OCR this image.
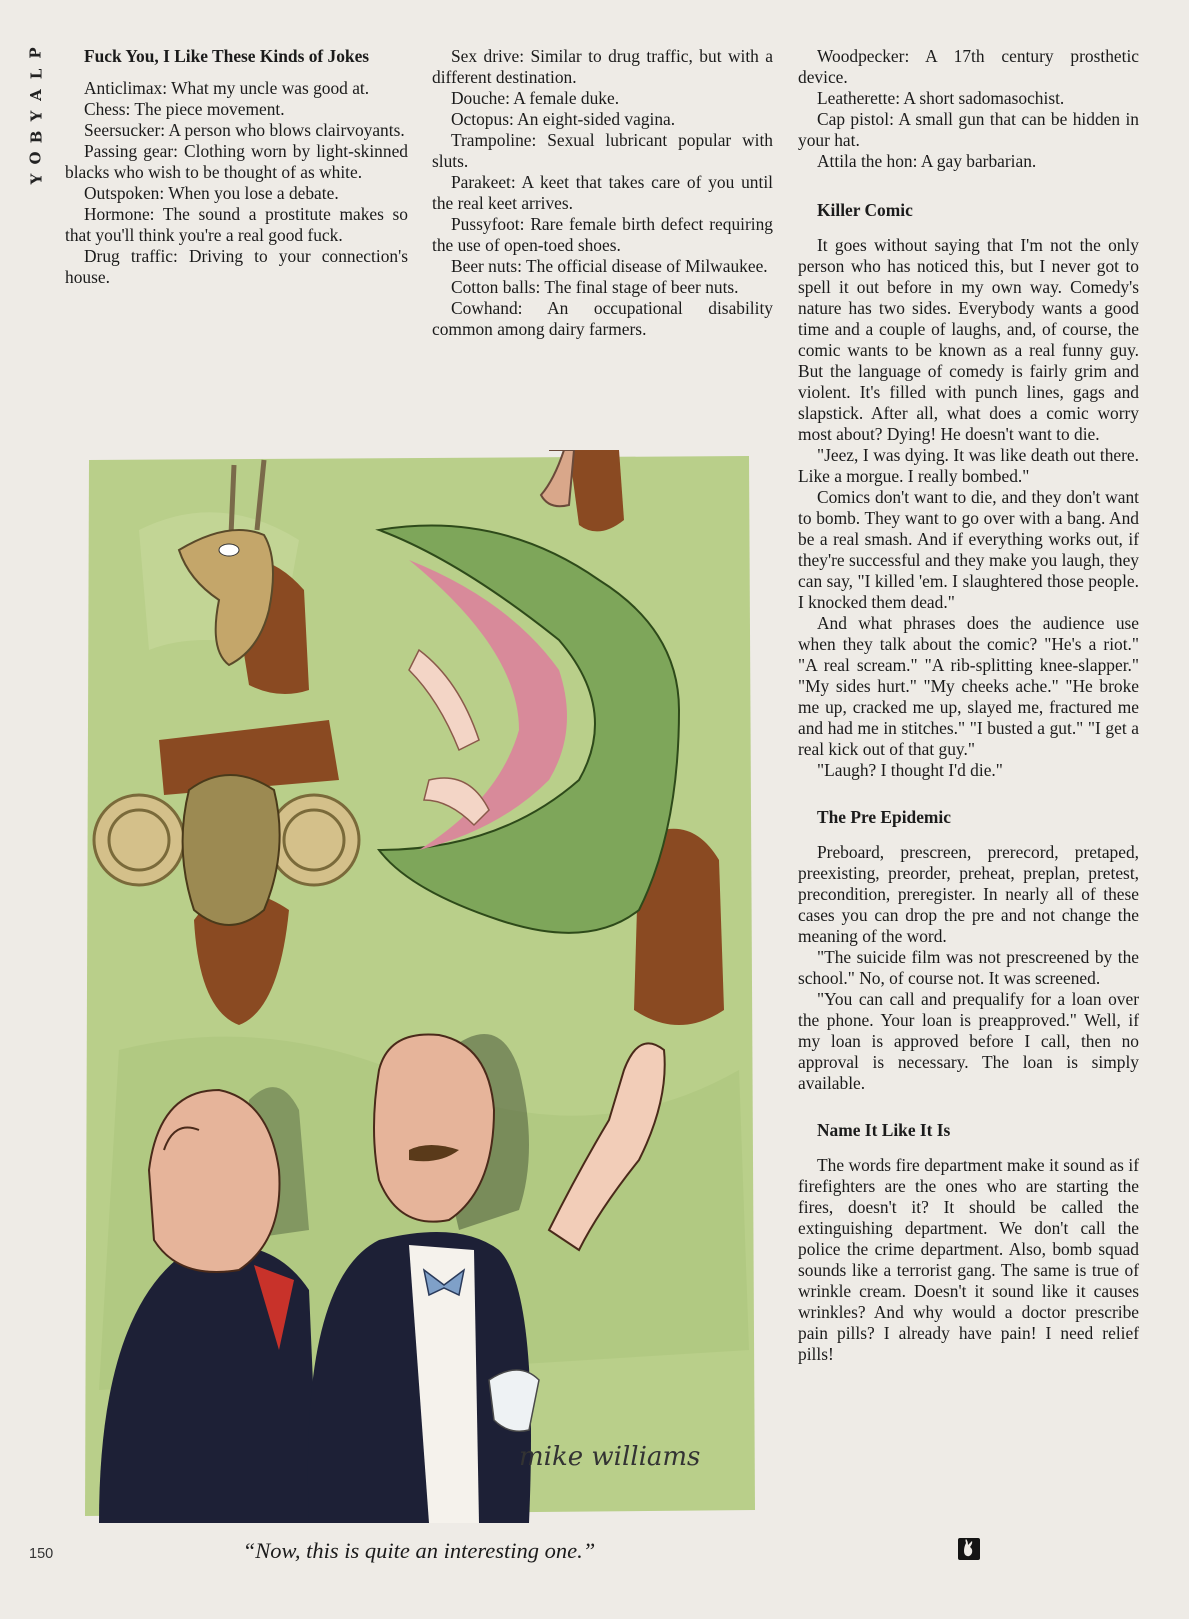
P
L
A
Y
B
O
Y
Fuck You, I Like These Kinds of Jokes

Anticlimax: What my uncle was good at.

Chess: The piece movement.

Seersucker: A person who blows clairvoyants.

Passing gear: Clothing worn by light-skinned blacks who wish to be thought of as white.

Outspoken: When you lose a debate.

Hormone: The sound a prostitute makes so that you'll think you're a real good fuck.

Drug traffic: Driving to your connection's house.

Sex drive: Similar to drug traffic, but with a different destination.

Douche: A female duke.

Octopus: An eight-sided vagina.

Trampoline: Sexual lubricant popular with sluts.

Parakeet: A keet that takes care of you until the real keet arrives.

Pussyfoot: Rare female birth defect requiring the use of open-toed shoes.

Beer nuts: The official disease of Milwaukee.

Cotton balls: The final stage of beer nuts.

Cowhand: An occupational disability common among dairy farmers.

Woodpecker: A 17th century prosthetic device.

Leatherette: A short sadomasochist.

Cap pistol: A small gun that can be hidden in your hat.

Attila the hon: A gay barbarian.

Killer Comic

It goes without saying that I'm not the only person who has noticed this, but I never got to spell it out before in my own way. Comedy's nature has two sides. Everybody wants a good time and a couple of laughs, and, of course, the comic wants to be known as a real funny guy. But the language of comedy is fairly grim and violent. It's filled with punch lines, gags and slapstick. After all, what does a comic worry most about? Dying! He doesn't want to die.

"Jeez, I was dying. It was like death out there. Like a morgue. I really bombed."

Comics don't want to die, and they don't want to bomb. They want to go over with a bang. And be a real smash. And if everything works out, if they're successful and they make you laugh, they can say, "I killed 'em. I slaughtered those people. I knocked them dead."

And what phrases does the audience use when they talk about the comic? "He's a riot." "A real scream." "A rib-splitting knee-slapper." "My sides hurt." "My cheeks ache." "He broke me up, cracked me up, slayed me, fractured me and had me in stitches." "I busted a gut." "I get a real kick out of that guy."

"Laugh? I thought I'd die."

The Pre Epidemic

Preboard, prescreen, prerecord, pretaped, preexisting, preorder, preheat, preplan, pretest, precondition, preregister. In nearly all of these cases you can drop the pre and not change the meaning of the word.

"The suicide film was not prescreened by the school." No, of course not. It was screened.

"You can call and prequalify for a loan over the phone. Your loan is preapproved." Well, if my loan is approved before I call, then no approval is necessary. The loan is simply available.

Name It Like It Is

The words fire department make it sound as if firefighters are the ones who are starting the fires, doesn't it? It should be called the extinguishing department. We don't call the police the crime department. Also, bomb squad sounds like a terrorist gang. The same is true of wrinkle cream. Doesn't it sound like it causes wrinkles? And why would a doctor prescribe pain pills? I already have pain! I need relief pills!

mike williams
“Now, this is quite an interesting one.”
150
